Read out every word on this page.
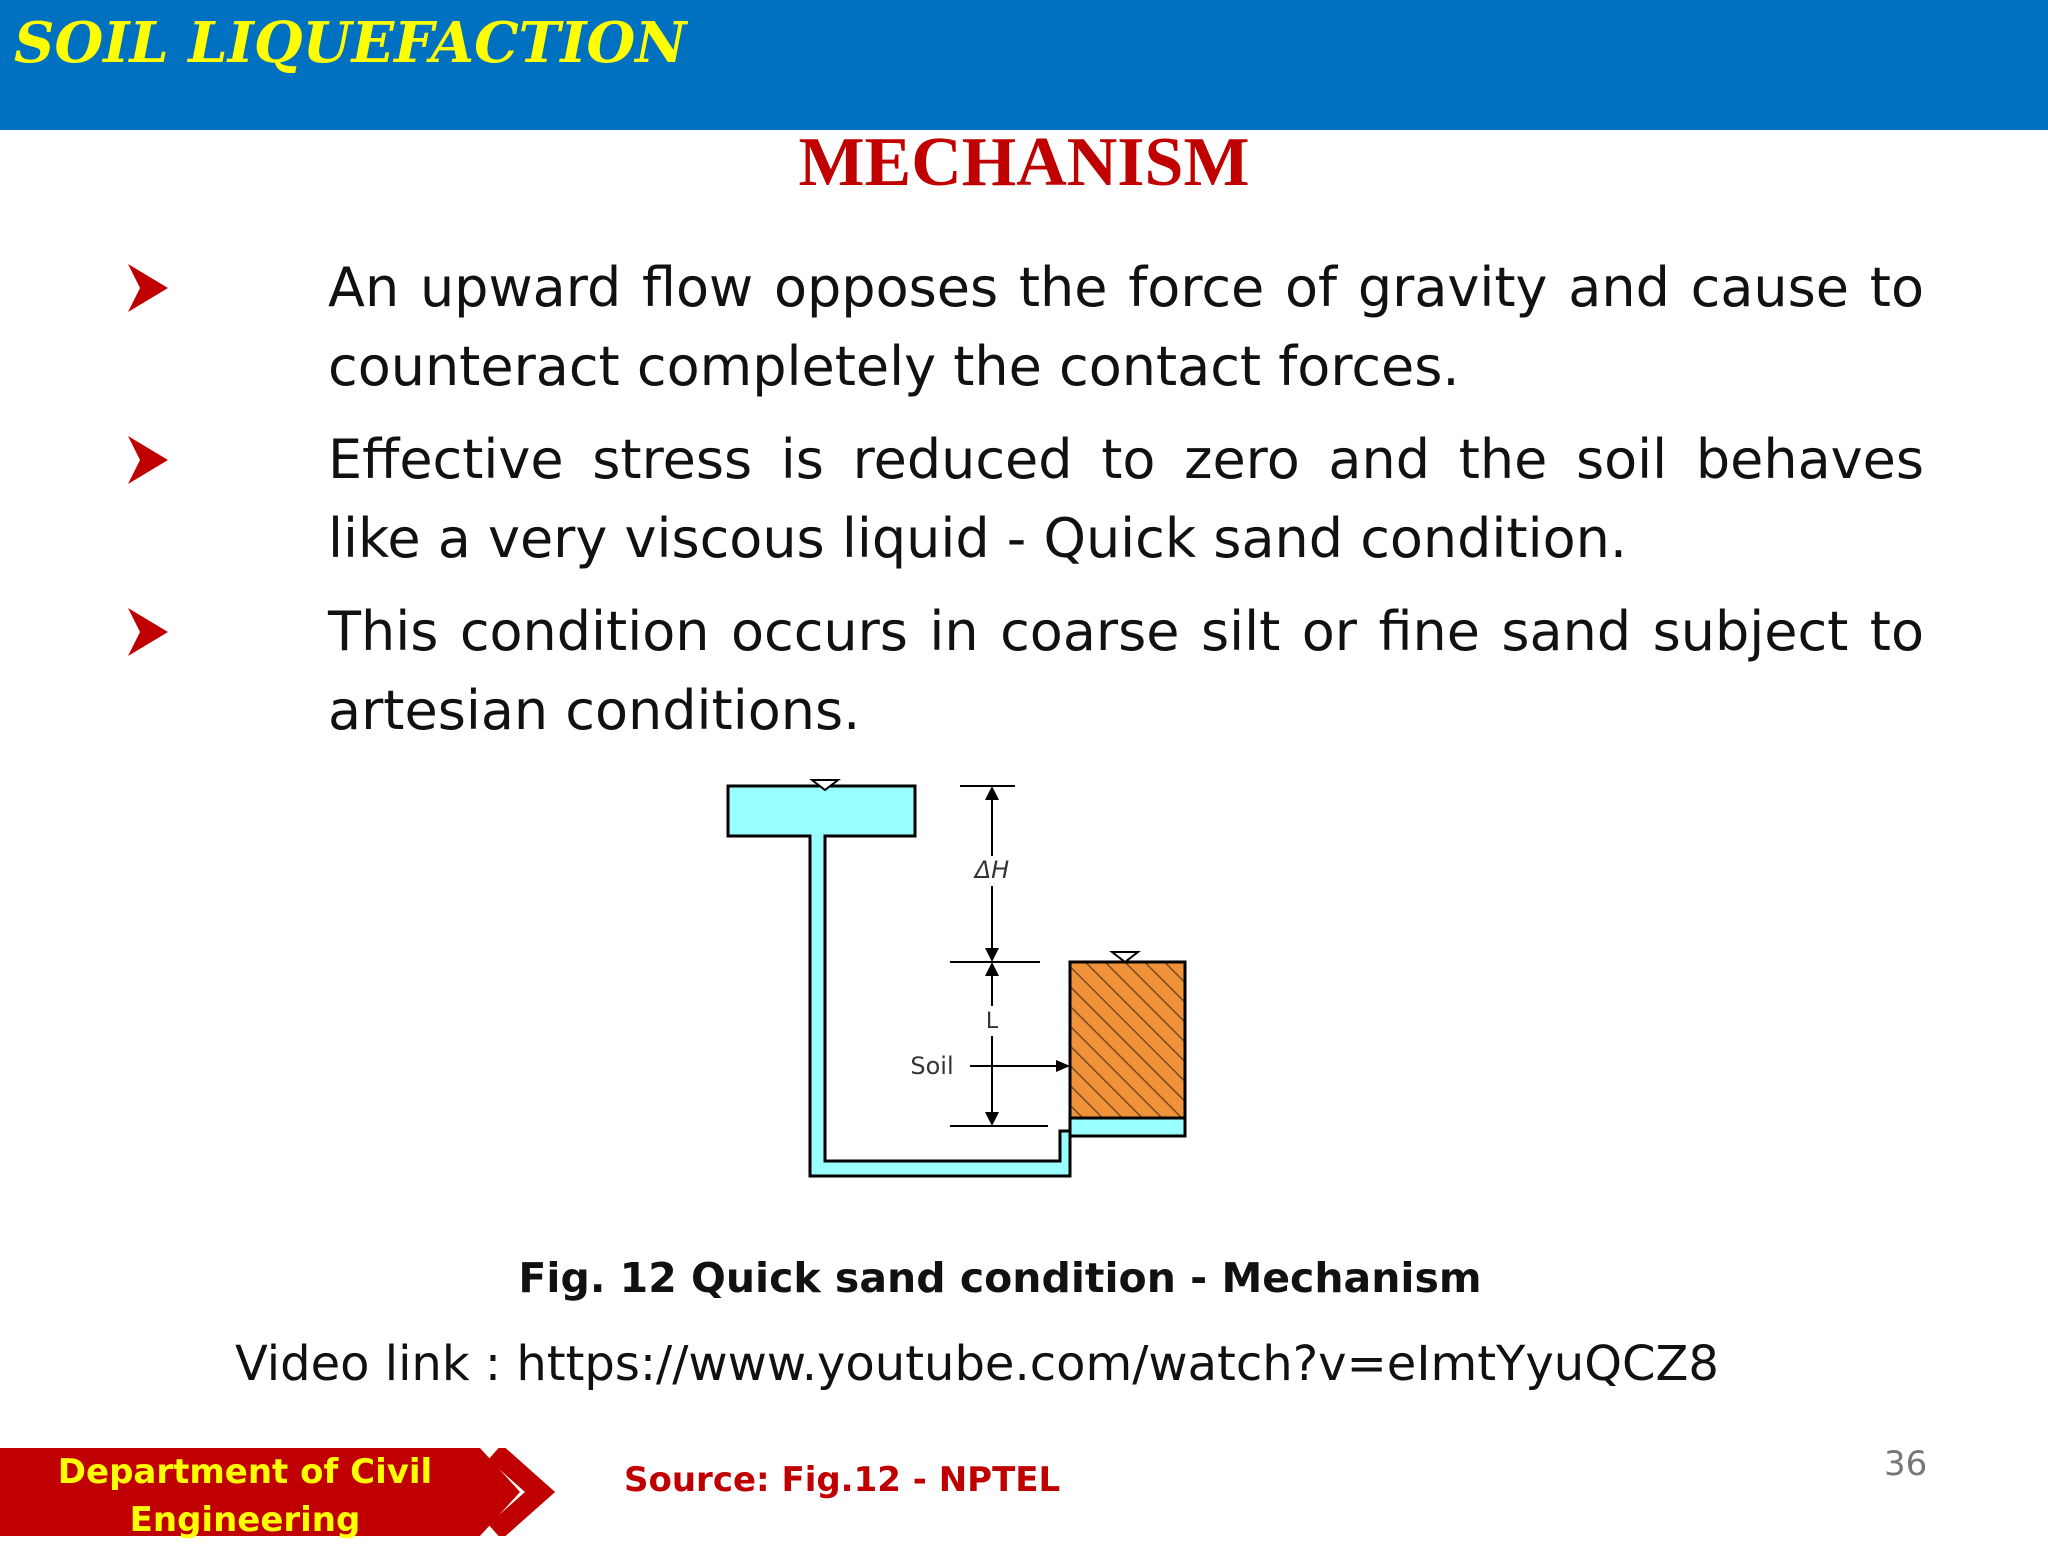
SOIL LIQUEFACTION
MECHANISM
An upward flow opposes the force of gravity and cause to counteract completely the contact forces.
Effective stress is reduced to zero and the soil behaves like a very viscous liquid - Quick sand condition.
This condition occurs in coarse silt or fine sand subject to artesian conditions.
ΔH
L
Soil
Fig. 12 Quick sand condition - Mechanism
Video link : https://www.youtube.com/watch?v=eImtYyuQCZ8
Department of Civil Engineering
Source: Fig.12 - NPTEL	36
